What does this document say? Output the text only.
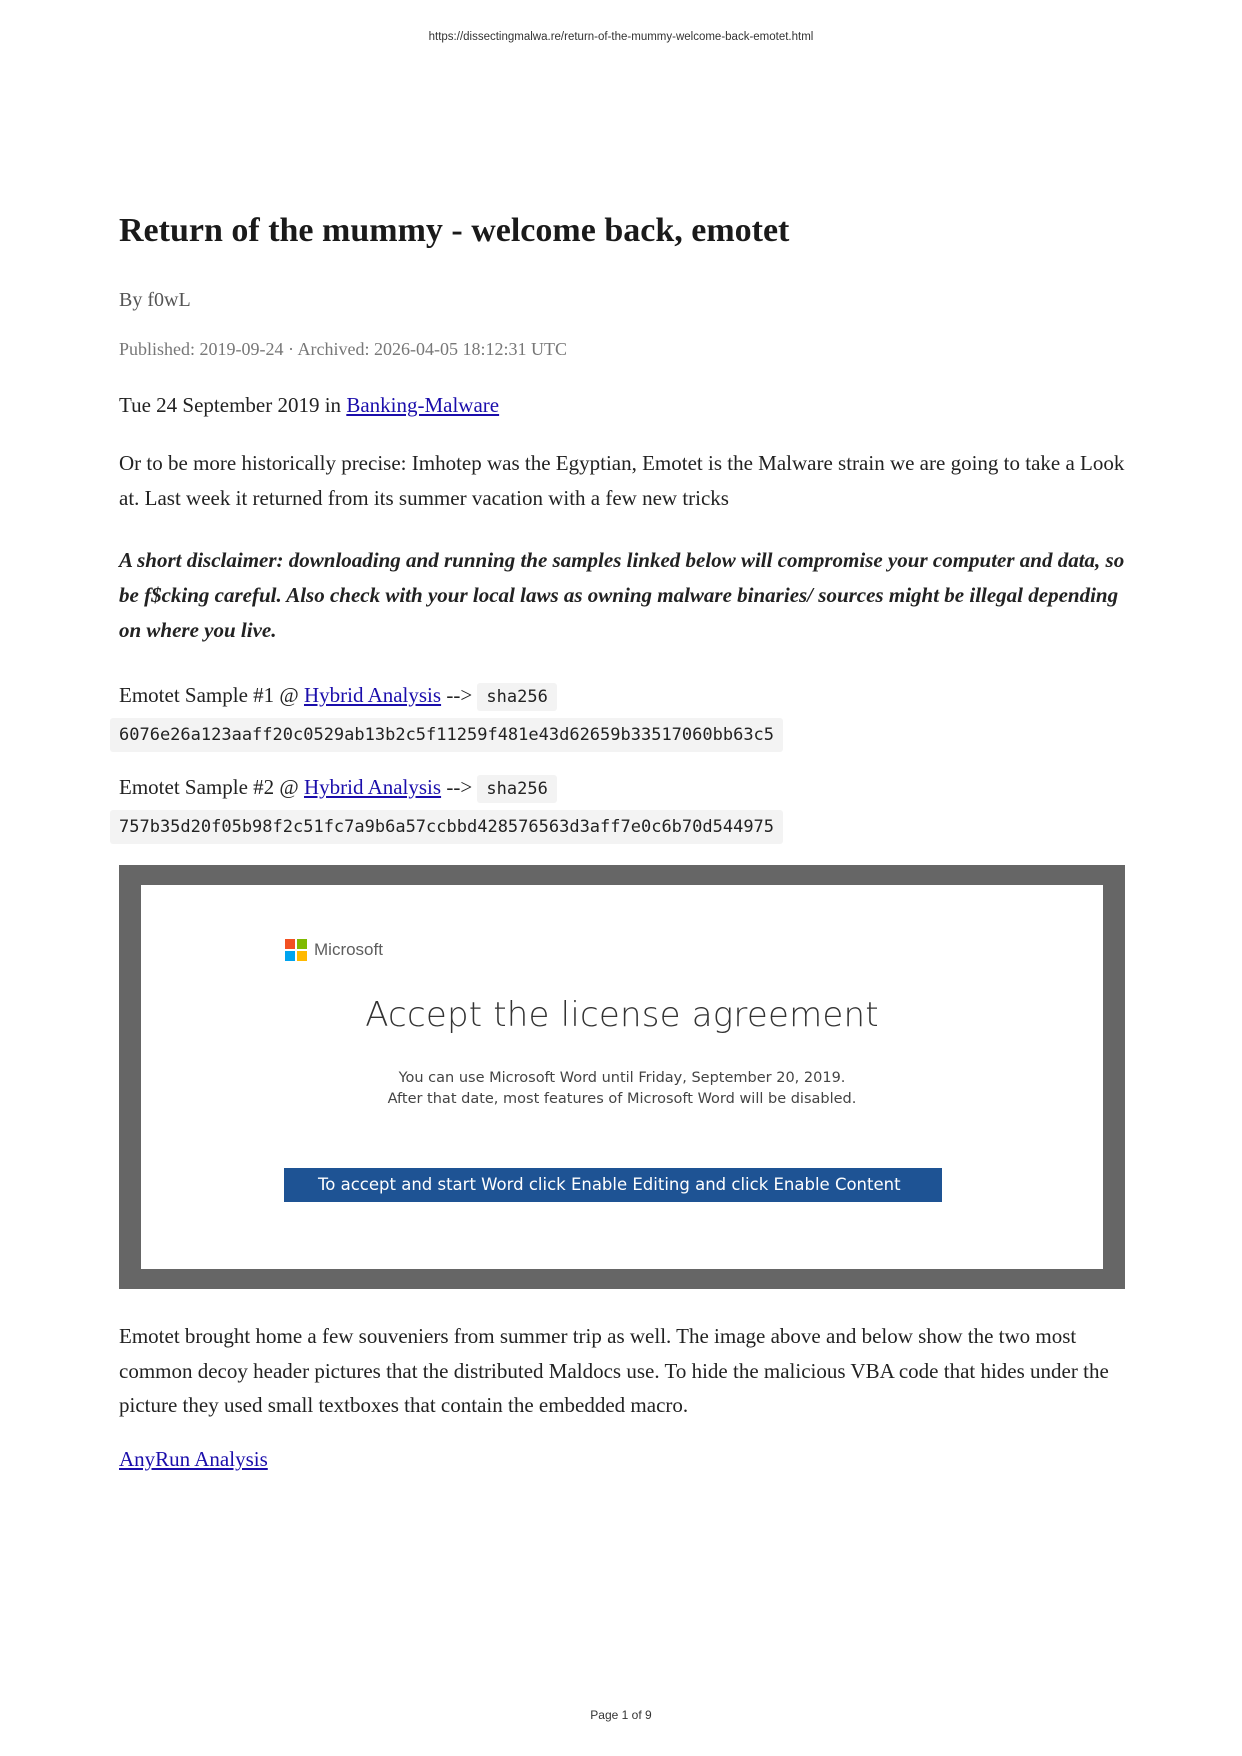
https://dissectingmalwa.re/return-of-the-mummy-welcome-back-emotet.html
Return of the mummy - welcome back, emotet
By f0wL
Published: 2019-09-24 · Archived: 2026-04-05 18:12:31 UTC
Tue 24 September 2019 in Banking-Malware

Or to be more historically precise: Imhotep was the Egyptian, Emotet is the Malware strain we are going to take a Look at. Last week it returned from its summer vacation with a few new tricks

A short disclaimer: downloading and running the samples linked below will compromise your computer and data, so be f$cking careful. Also check with your local laws as owning malware binaries/ sources might be illegal depending on where you live.

Emotet Sample #1 @ Hybrid Analysis --> sha256
6076e26a123aaff20c0529ab13b2c5f11259f481e43d62659b33517060bb63c5
Emotet Sample #2 @ Hybrid Analysis --> sha256
757b35d20f05b98f2c51fc7a9b6a57ccbbd428576563d3aff7e0c6b70d544975
Microsoft
Accept the license agreement
You can use Microsoft Word until Friday, September 20, 2019.
After that date, most features of Microsoft Word will be disabled.
To accept and start Word click Enable Editing and click Enable Content

Emotet brought home a few souveniers from summer trip as well. The image above and below show the two most common decoy header pictures that the distributed Maldocs use. To hide the malicious VBA code that hides under the picture they used small textboxes that contain the embedded macro.

AnyRun Analysis
Page 1 of 9
